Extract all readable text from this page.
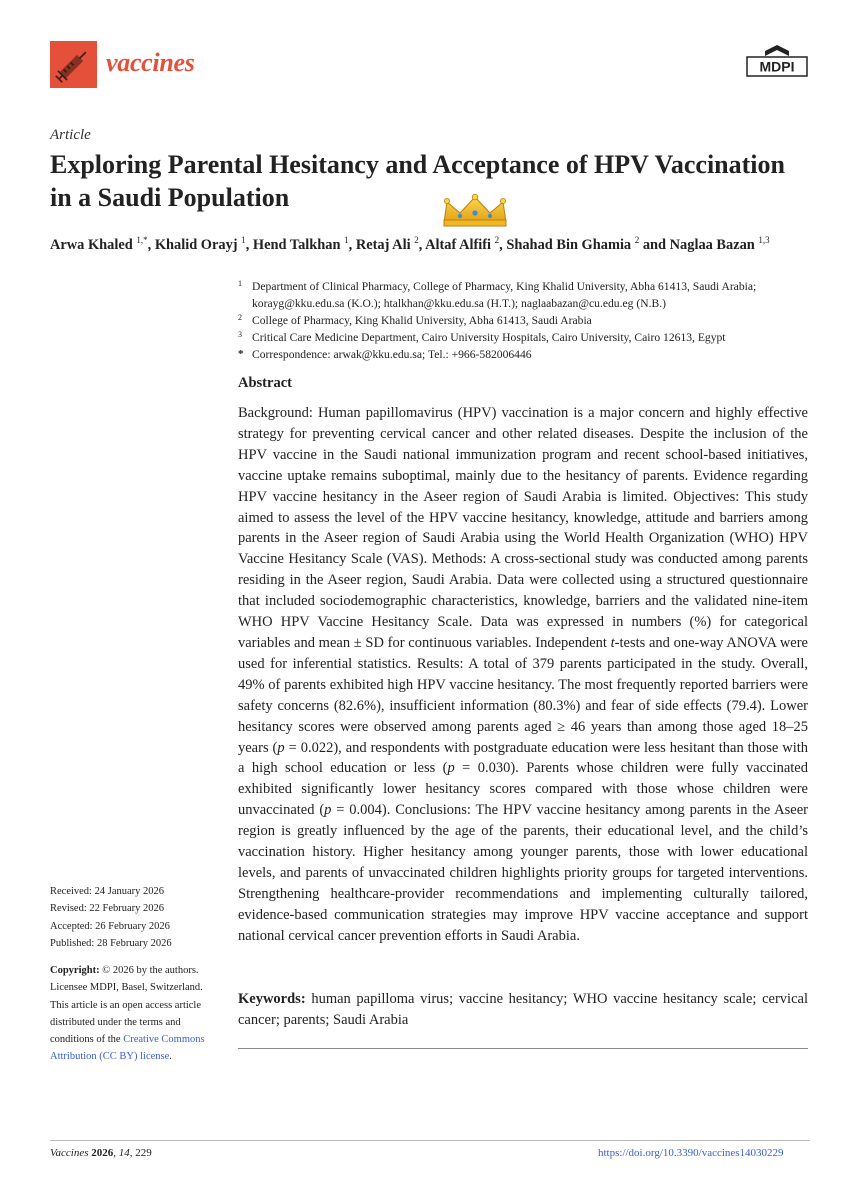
vaccines	MDPI
Article
Exploring Parental Hesitancy and Acceptance of HPV Vaccination in a Saudi Population
Arwa Khaled $^{1,*}$, Khalid Orayj $^1$, Hend Talkhan $^1$, Retaj Ali $^2$, Altaf Alfifi $^2$, Shahad Bin Ghamia $^2$ and Naglaa Bazan $^{1,3}$
1 Department of Clinical Pharmacy, College of Pharmacy, King Khalid University, Abha 61413, Saudi Arabia;
korayg@kku.edu.sa (K.O.); htalkhan@kku.edu.sa (H.T.); naglaabazan@cu.edu.eg (N.B.)
2 College of Pharmacy, King Khalid University, Abha 61413, Saudi Arabia
3 Critical Care Medicine Department, Cairo University Hospitals, Cairo University, Cairo 12613, Egypt
* Correspondence: arwak@kku.edu.sa; Tel.: +966-582006446
Abstract

Background: Human papillomavirus (HPV) vaccination is a major concern and highly effective strategy for preventing cervical cancer and other related diseases. Despite the inclusion of the HPV vaccine in the Saudi national immunization program and recent school-based initiatives, vaccine uptake remains suboptimal, mainly due to the hesitancy of parents. Evidence regarding HPV vaccine hesitancy in the Aseer region of Saudi Arabia is limited. Objectives: This study aimed to assess the level of the HPV vaccine hesitancy, knowledge, attitude and barriers among parents in the Aseer region of Saudi Arabia using the World Health Organization (WHO) HPV Vaccine Hesitancy Scale (VAS). Methods: A cross-sectional study was conducted among parents residing in the Aseer region, Saudi Arabia. Data were collected using a structured questionnaire that included sociodemographic characteristics, knowledge, barriers and the validated nine-item WHO HPV Vaccine Hesitancy Scale. Data was expressed in numbers (%) for categorical variables and mean ± SD for continuous variables. Independent t-tests and one-way ANOVA were used for inferential statistics. Results: A total of 379 parents participated in the study. Overall, 49% of parents exhibited high HPV vaccine hesitancy. The most frequently reported barriers were safety concerns (82.6%), insufficient information (80.3%) and fear of side effects (79.4). Lower hesitancy scores were observed among parents aged ≥ 46 years than among those aged 18–25 years (p = 0.022), and respondents with postgraduate education were less hesitant than those with a high school education or less (p = 0.030). Parents whose children were fully vaccinated exhibited significantly lower hesitancy scores compared with those whose children were unvaccinated (p = 0.004). Conclusions: The HPV vaccine hesitancy among parents in the Aseer region is greatly influenced by the age of the parents, their educational level, and the child’s vaccination history. Higher hesitancy among younger parents, those with lower educational levels, and parents of unvaccinated children highlights priority groups for targeted interventions. Strengthening healthcare-provider recommendations and implementing culturally tailored, evidence-based communication strategies may improve HPV vaccine acceptance and support national cervical cancer prevention efforts in Saudi Arabia.

Keywords: human papilloma virus; vaccine hesitancy; WHO vaccine hesitancy scale; cervical cancer; parents; Saudi Arabia

Received: 24 January 2026
Revised: 22 February 2026
Accepted: 26 February 2026
Published: 28 February 2026

Copyright: © 2026 by the authors. Licensee MDPI, Basel, Switzerland. This article is an open access article distributed under the terms and conditions of the Creative Commons Attribution (CC BY) license.

Vaccines 2026, 14, 229	https://doi.org/10.3390/vaccines14030229
